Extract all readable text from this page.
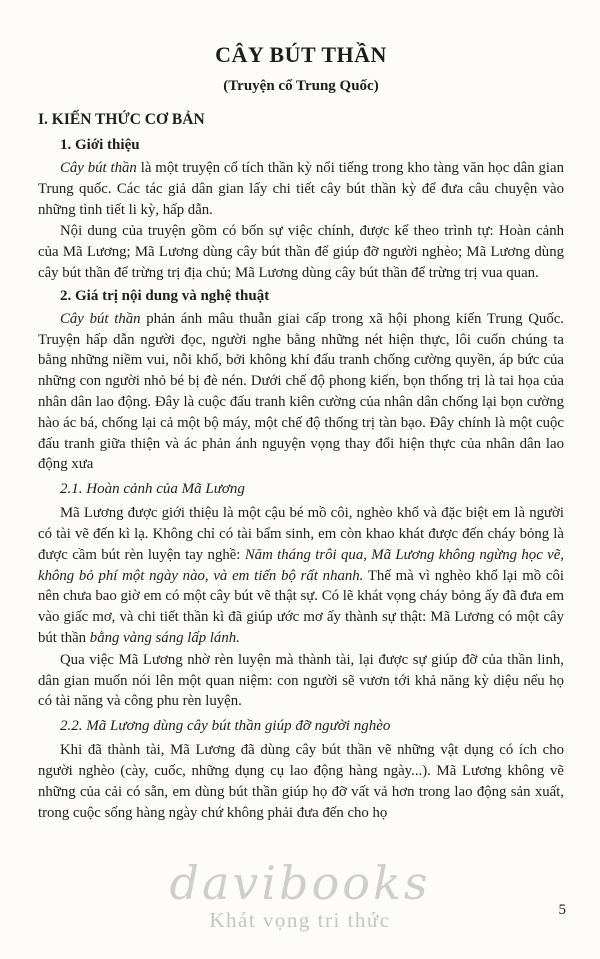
CÂY BÚT THẦN
(Truyện cổ Trung Quốc)
I. KIẾN THỨC CƠ BẢN
1. Giới thiệu

Cây bút thần là một truyện cổ tích thần kỳ nổi tiếng trong kho tàng văn học dân gian Trung quốc. Các tác giả dân gian lấy chi tiết cây bút thần kỳ để đưa câu chuyện vào những tình tiết li kỳ, hấp dẫn.

Nội dung của truyện gồm có bốn sự việc chính, được kể theo trình tự: Hoàn cảnh của Mã Lương; Mã Lương dùng cây bút thần để giúp đỡ người nghèo; Mã Lương dùng cây bút thần để trừng trị địa chủ; Mã Lương dùng cây bút thần để trừng trị vua quan.

2. Giá trị nội dung và nghệ thuật

Cây bút thần phản ánh mâu thuẫn giai cấp trong xã hội phong kiến Trung Quốc. Truyện hấp dẫn người đọc, người nghe bằng những nét hiện thực, lôi cuốn chúng ta bằng những niềm vui, nỗi khổ, bởi không khí đấu tranh chống cường quyền, áp bức của những con người nhỏ bé bị đè nén. Dưới chế độ phong kiến, bọn thống trị là tai họa của nhân dân lao động. Đây là cuộc đấu tranh kiên cường của nhân dân chống lại bọn cường hào ác bá, chống lại cả một bộ máy, một chế độ thống trị tàn bạo. Đây chính là một cuộc đấu tranh giữa thiện và ác phản ánh nguyện vọng thay đổi hiện thực của nhân dân lao động xưa

2.1. Hoàn cảnh của Mã Lương

Mã Lương được giới thiệu là một cậu bé mồ côi, nghèo khổ và đặc biệt em là người có tài vẽ đến kì lạ. Không chỉ có tài bẩm sinh, em còn khao khát được đến cháy bỏng là được cầm bút rèn luyện tay nghề: Năm tháng trôi qua, Mã Lương không ngừng học vẽ, không bỏ phí một ngày nào, và em tiến bộ rất nhanh. Thế mà vì nghèo khổ lại mồ côi nên chưa bao giờ em có một cây bút vẽ thật sự. Có lẽ khát vọng cháy bỏng ấy đã đưa em vào giấc mơ, và chi tiết thần kì đã giúp ước mơ ấy thành sự thật: Mã Lương có một cây bút thần bằng vàng sáng lấp lánh.

Qua việc Mã Lương nhờ rèn luyện mà thành tài, lại được sự giúp đỡ của thần linh, dân gian muốn nói lên một quan niệm: con người sẽ vươn tới khả năng kỳ diệu nếu họ có tài năng và công phu rèn luyện.

2.2. Mã Lương dùng cây bút thần giúp đỡ người nghèo

Khi đã thành tài, Mã Lương đã dùng cây bút thần vẽ những vật dụng có ích cho người nghèo (cày, cuốc, những dụng cụ lao động hàng ngày...). Mã Lương không vẽ những của cải có sẵn, em dùng bút thần giúp họ đỡ vất vả hơn trong lao động sản xuất, trong cuộc sống hàng ngày chứ không phải đưa đến cho họ

davibooks
Khát vọng tri thức	5
